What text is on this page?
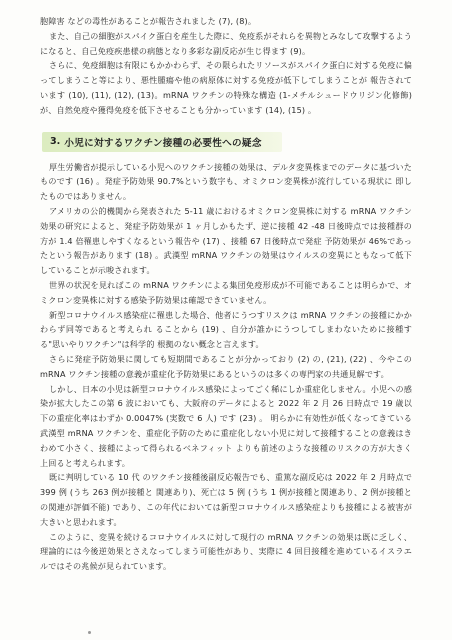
胞障害 などの毒性があることが報告されました (7), (8)。

また、自己の細胞がスパイク蛋白を産生した際に、免疫系がそれらを異物とみなして攻撃するようになると、自己免疫疾患様の病態となり多彩な副反応が生じ得ます (9)。

さらに、免疫細胞は有限にもかかわらず、その限られたリソースがスパイク蛋白に対する免疫に偏ってしまうこと等により、悪性腫瘍や他の病原体に対する免疫が低下してしまうことが 報告されています (10), (11), (12), (13)。mRNA ワクチンの特殊な構造 (1-メチルシュードウリジン化修飾) が、自然免疫や獲得免疫を低下させることも分かっています (14), (15) 。

3. 小児に対するワクチン接種の必要性への疑念

厚生労働省が提示している小児へのワクチン接種の効果は、デルタ変異株までのデータに基づいたものです (16) 。発症予防効果 90.7%という数字も、オミクロン変異株が流行している現状に 即したものではありません。

アメリカの公的機関から発表された 5-11 歳におけるオミクロン変異株に対する mRNA ワクチン効果の研究によると、発症予防効果が 1 ヶ月しかもたず、逆に接種 42 -48 日後時点では接種群の方が 1.4 倍罹患しやすくなるという報告や (17) 、接種 67 日後時点で発症 予防効果が 46%であったという報告があります (18) 。武漢型 mRNA ワクチンの効果はウイルスの変異にともなって低下していることが示唆されます。

世界の状況を見ればこの mRNA ワクチンによる集団免疫形成が不可能であることは明らかで、オミクロン変異株に対する感染予防効果は確認できていません。

新型コロナウイルス感染症に罹患した場合、他者にうつすリスクは mRNA ワクチンの接種にかかわらず同等であると考えられ ることから (19) 、自分が誰かにうつしてしまわないために接種する"思いやりワクチン"は科学的 根拠のない概念と言えます。

さらに発症予防効果に関しても短期間であることが分かっており (2) の, (21), (22) 、今やこの mRNA ワクチン接種の意義が重症化予防効果にあるというのは多くの専門家の共通見解です。

しかし、日本の小児は新型コロナウイルス感染によってごく稀にしか重症化しません。小児への感染が拡大したこの第 6 波においても、大阪府のデータによると 2022 年 2 月 26 日時点で 19 歳以下の重症化率はわずか 0.0047% (実数で 6 人) です (23) 。 明らかに有効性が低くなってきている武漢型 mRNA ワクチンを、重症化予防のために重症化しない小児に対して接種することの意義はきわめて小さく、接種によって得られるベネフィット よりも前述のような接種のリスクの方が大きく上回ると考えられます。

既に判明している 10 代 のワクチン接種後副反応報告でも、重篤な副反応は 2022 年 2 月時点で 399 例 (うち 263 例が接種と 関連あり)、死亡は 5 例 (うち 1 例が接種と関連あり、2 例が接種との関連が評価不能) であり、この年代においては新型コロナウイルス感染症よりも接種による被害が大きいと思われます。

このように、変異を続けるコロナウイルスに対して現行の mRNA ワクチンの効果は既に乏しく、理論的には今後逆効果とさえなってしまう可能性があり、実際に 4 回目接種を進めているイスラエルではその兆候が見られています。
